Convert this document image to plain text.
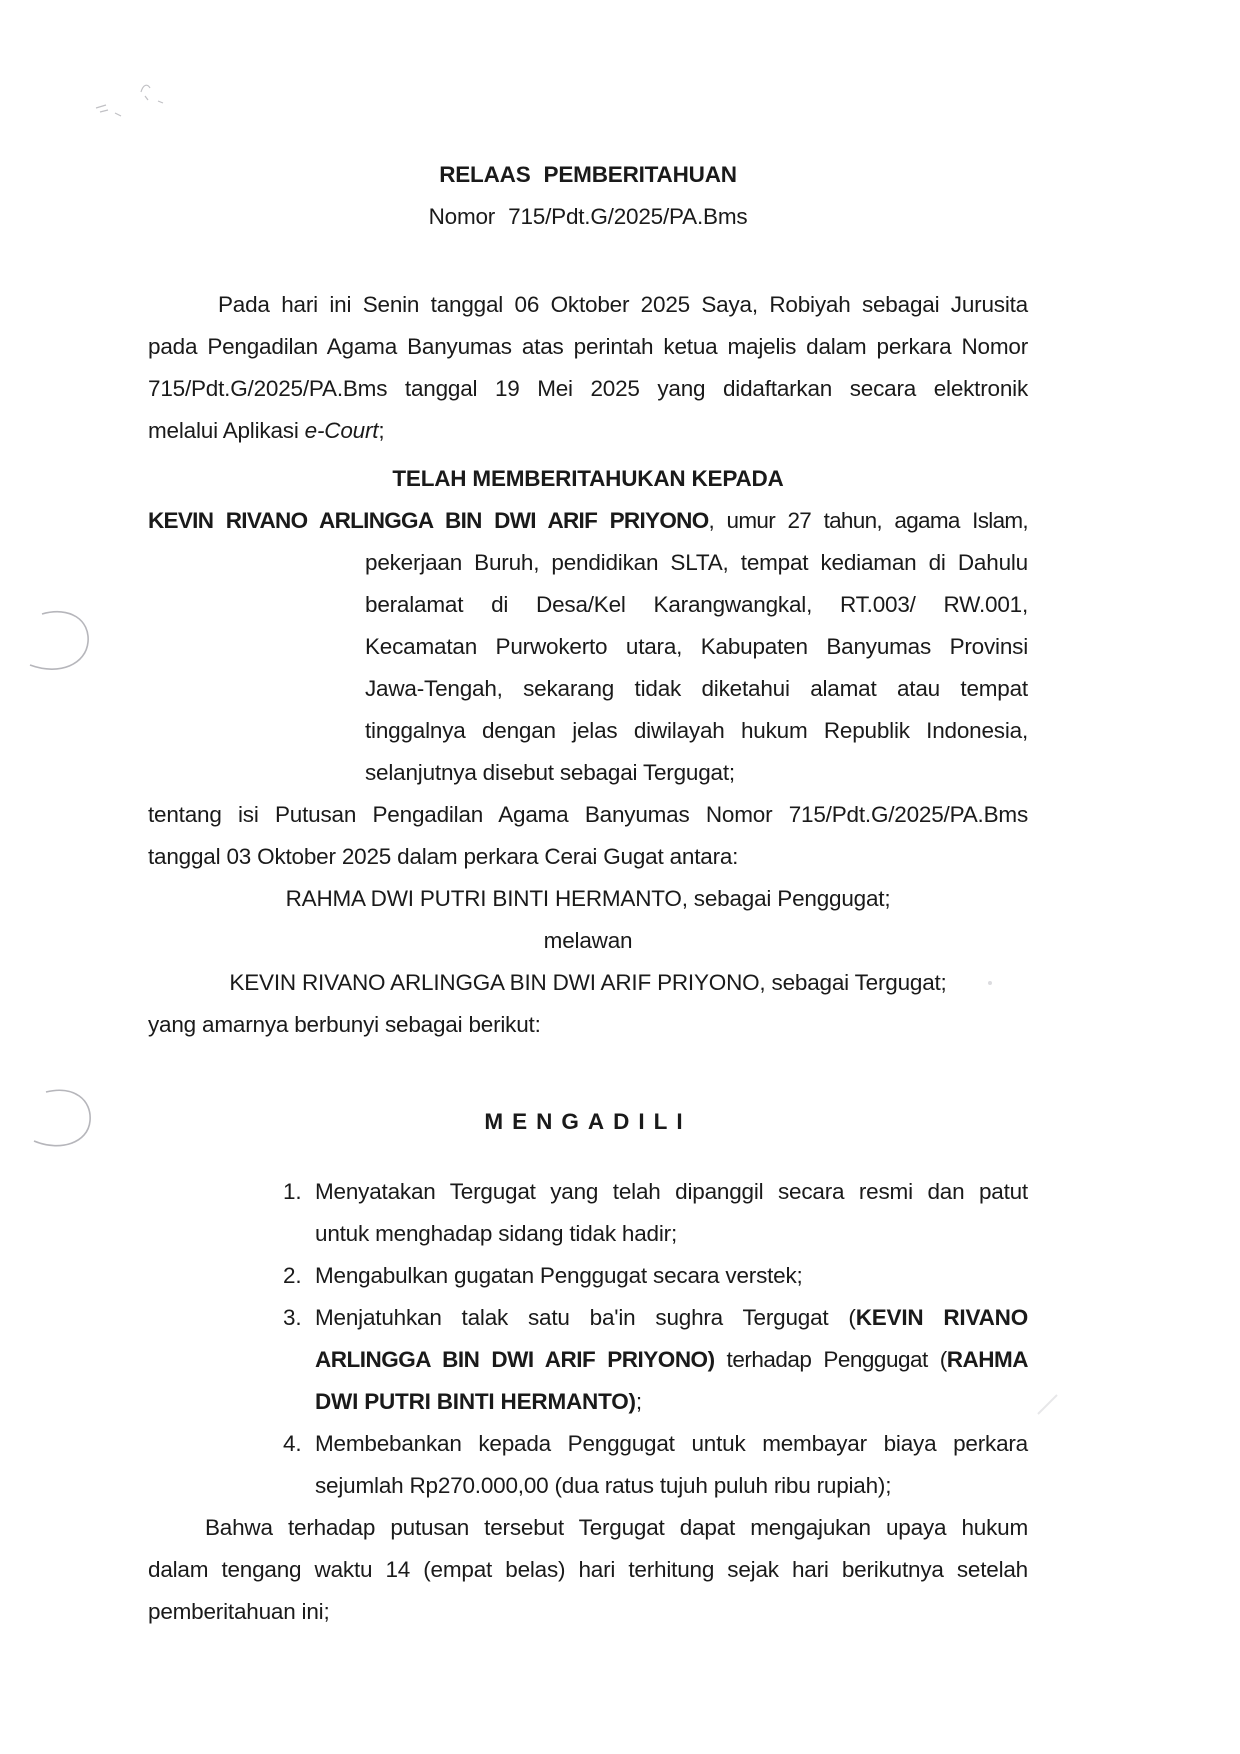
RELAAS PEMBERITAHUAN
Nomor 715/Pdt.G/2025/PA.Bms
Pada hari ini Senin tanggal 06 Oktober 2025 Saya, Robiyah sebagai Jurusita
pada Pengadilan Agama Banyumas atas perintah ketua majelis dalam perkara Nomor
715/Pdt.G/2025/PA.Bms tanggal 19 Mei 2025 yang didaftarkan secara elektronik
melalui Aplikasi e-Court;
TELAH MEMBERITAHUKAN KEPADA
KEVIN RIVANO ARLINGGA BIN DWI ARIF PRIYONO, umur 27 tahun, agama Islam,
pekerjaan Buruh, pendidikan SLTA, tempat kediaman di Dahulu
beralamat di Desa/Kel Karangwangkal, RT.003/ RW.001,
Kecamatan Purwokerto utara, Kabupaten Banyumas Provinsi
Jawa-Tengah, sekarang tidak diketahui alamat atau tempat
tinggalnya dengan jelas diwilayah hukum Republik Indonesia,
selanjutnya disebut sebagai Tergugat;
tentang isi Putusan Pengadilan Agama Banyumas Nomor 715/Pdt.G/2025/PA.Bms
tanggal 03 Oktober 2025 dalam perkara Cerai Gugat antara:
RAHMA DWI PUTRI BINTI HERMANTO, sebagai Penggugat;
melawan
KEVIN RIVANO ARLINGGA BIN DWI ARIF PRIYONO, sebagai Tergugat;
yang amarnya berbunyi sebagai berikut:
MENGADILI
1. Menyatakan Tergugat yang telah dipanggil secara resmi dan patut
untuk menghadap sidang tidak hadir;
2. Mengabulkan gugatan Penggugat secara verstek;
3. Menjatuhkan talak satu ba'in sughra Tergugat (KEVIN RIVANO
ARLINGGA BIN DWI ARIF PRIYONO) terhadap Penggugat (RAHMA
DWI PUTRI BINTI HERMANTO);
4. Membebankan kepada Penggugat untuk membayar biaya perkara
sejumlah Rp270.000,00 (dua ratus tujuh puluh ribu rupiah);
Bahwa terhadap putusan tersebut Tergugat dapat mengajukan upaya hukum
dalam tengang waktu 14 (empat belas) hari terhitung sejak hari berikutnya setelah
pemberitahuan ini;
